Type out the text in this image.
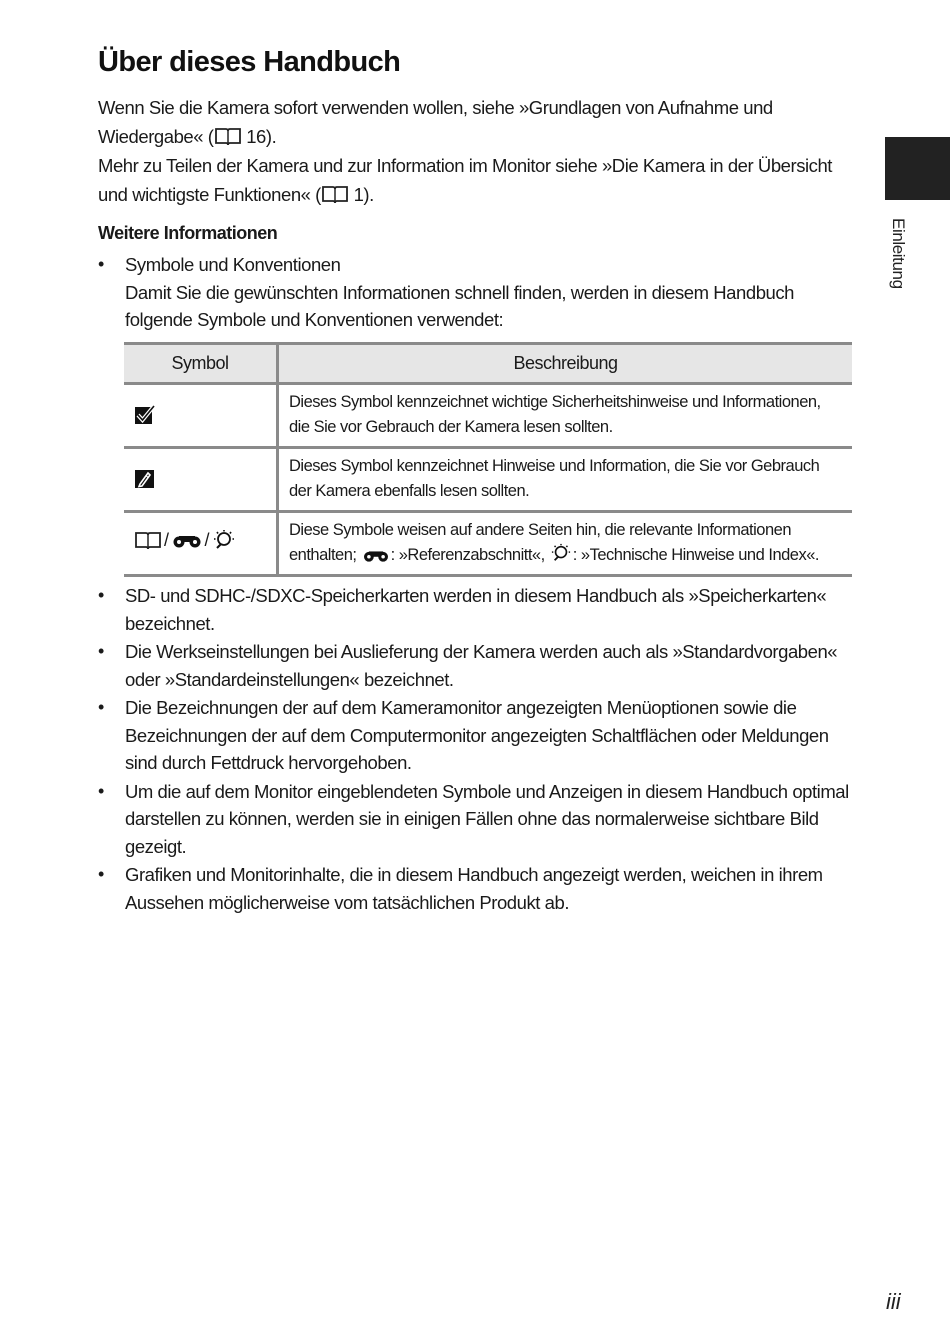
Über dieses Handbuch

Wenn Sie die Kamera sofort verwenden wollen, siehe »Grundlagen von Aufnahme und Wiedergabe« (
16).

Mehr zu Teilen der Kamera und zur Information im Monitor siehe »Die Kamera in der Übersicht und wichtigste Funktionen« (
1).

Weitere Informationen
• Symbole und Konventionen
Damit Sie die gewünschten Informationen schnell finden, werden in diesem Handbuch folgende Symbole und Konventionen verwendet:
Symbol	Beschreibung

	Dieses Symbol kennzeichnet wichtige Sicherheitshinweise und Informationen, die Sie vor Gebrauch der Kamera lesen sollten.

	Dieses Symbol kennzeichnet Hinweise und Information, die Sie vor Gebrauch der Kamera ebenfalls lesen sollten.

/ /	Diese Symbole weisen auf andere Seiten hin, die relevante Informationen enthalten;
: »Referenzabschnitt«,
: »Technische Hinweise und Index«.
• SD- und SDHC-/SDXC-Speicherkarten werden in diesem Handbuch als »Speicherkarten« bezeichnet.
• Die Werkseinstellungen bei Auslieferung der Kamera werden auch als »Standardvorgaben« oder »Standardeinstellungen« bezeichnet.
• Die Bezeichnungen der auf dem Kameramonitor angezeigten Menüoptionen sowie die Bezeichnungen der auf dem Computermonitor angezeigten Schaltflächen oder Meldungen sind durch Fettdruck hervorgehoben.
• Um die auf dem Monitor eingeblendeten Symbole und Anzeigen in diesem Handbuch optimal darstellen zu können, werden sie in einigen Fällen ohne das normalerweise sichtbare Bild gezeigt.
• Grafiken und Monitorinhalte, die in diesem Handbuch angezeigt werden, weichen in ihrem Aussehen möglicherweise vom tatsächlichen Produkt ab.
Einleitung
iii
